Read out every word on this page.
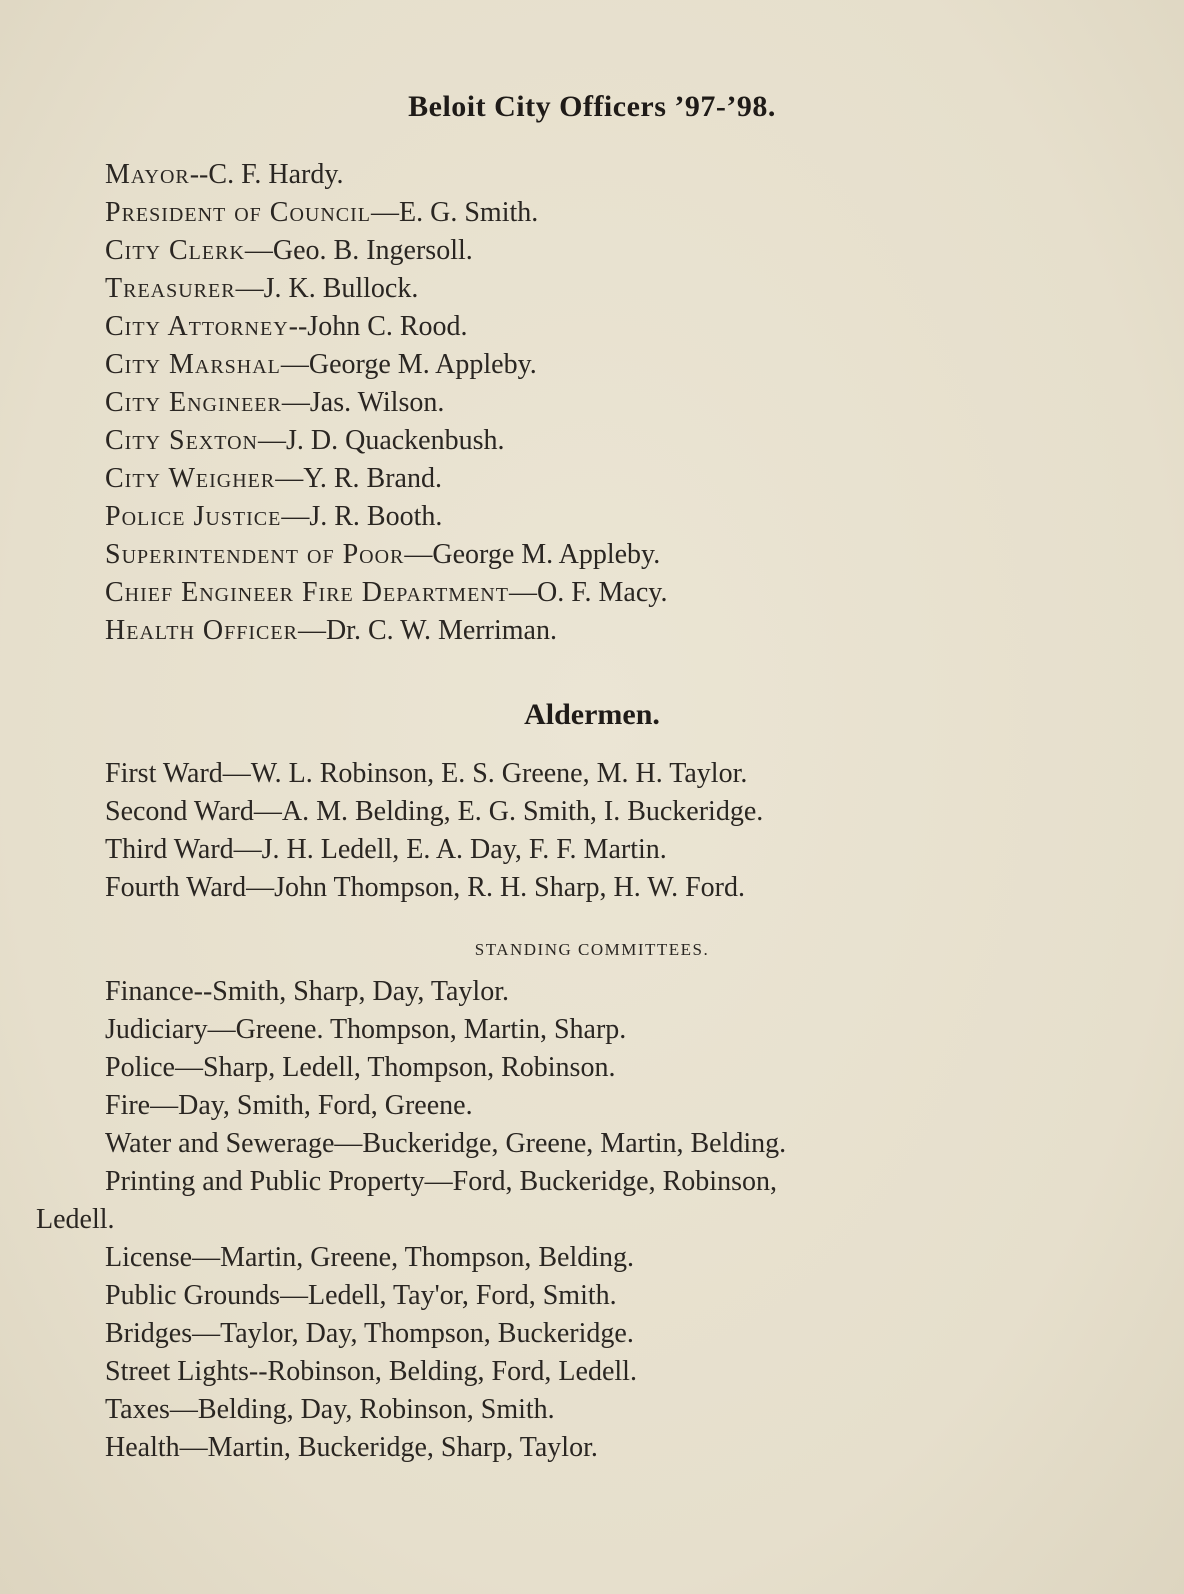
Beloit City Officers ’97-’98.
Mayor--C. F. Hardy.
President of Council—E. G. Smith.
City Clerk—Geo. B. Ingersoll.
Treasurer—J. K. Bullock.
City Attorney--John C. Rood.
City Marshal—George M. Appleby.
City Engineer—Jas. Wilson.
City Sexton—J. D. Quackenbush.
City Weigher—Y. R. Brand.
Police Justice—J. R. Booth.
Superintendent of Poor—George M. Appleby.
Chief Engineer Fire Department—O. F. Macy.
Health Officer—Dr. C. W. Merriman.
Aldermen.
First Ward—W. L. Robinson, E. S. Greene, M. H. Taylor.
Second Ward—A. M. Belding, E. G. Smith, I. Buckeridge.
Third Ward—J. H. Ledell, E. A. Day, F. F. Martin.
Fourth Ward—John Thompson, R. H. Sharp, H. W. Ford.
STANDING COMMITTEES.
Finance--Smith, Sharp, Day, Taylor.
Judiciary—Greene. Thompson, Martin, Sharp.
Police—Sharp, Ledell, Thompson, Robinson.
Fire—Day, Smith, Ford, Greene.
Water and Sewerage—Buckeridge, Greene, Martin, Belding.
Printing and Public Property—Ford, Buckeridge, Robinson,
Ledell.
License—Martin, Greene, Thompson, Belding.
Public Grounds—Ledell, Tay'or, Ford, Smith.
Bridges—Taylor, Day, Thompson, Buckeridge.
Street Lights--Robinson, Belding, Ford, Ledell.
Taxes—Belding, Day, Robinson, Smith.
Health—Martin, Buckeridge, Sharp, Taylor.
